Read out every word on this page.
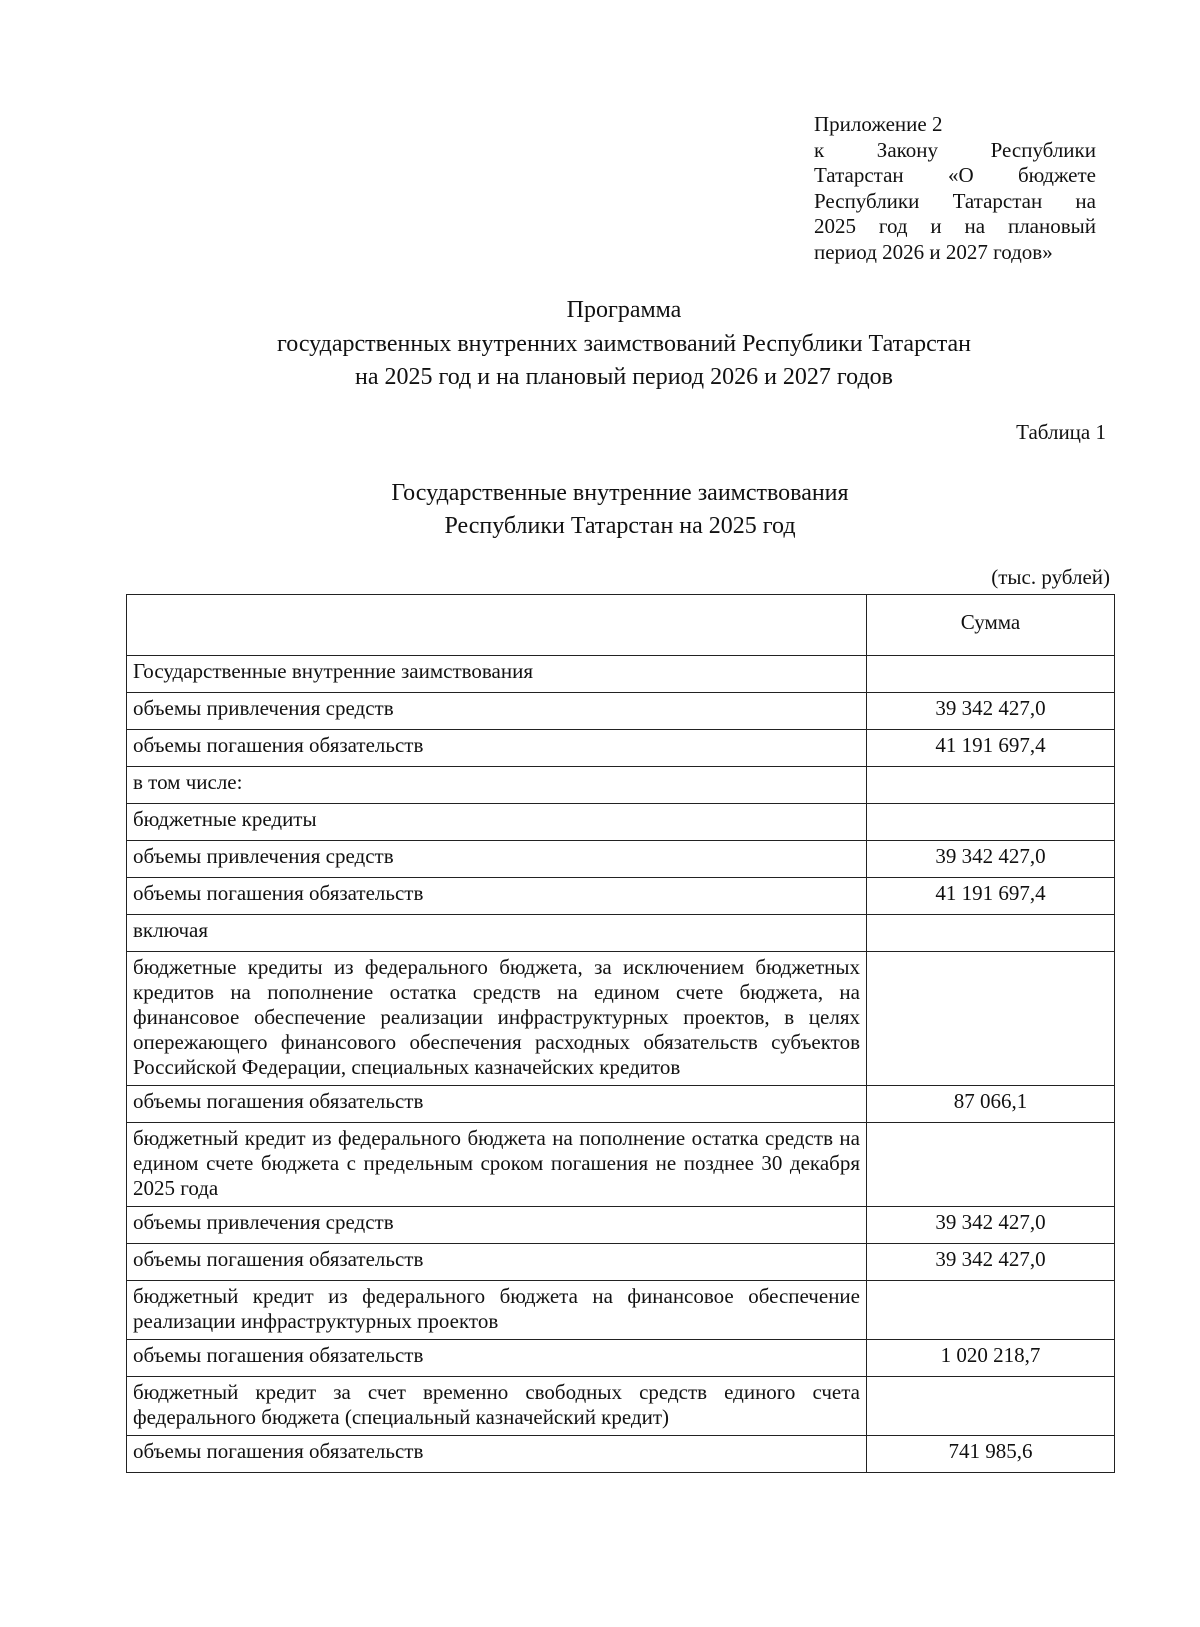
Приложение 2
к Закону Республики
Татарстан «О бюджете
Республики Татарстан на
2025 год и на плановый
период 2026 и 2027 годов»
Программа
государственных внутренних заимствований Республики Татарстан
на 2025 год и на плановый период 2026 и 2027 годов
Таблица 1
Государственные внутренние заимствования
Республики Татарстан на 2025 год
(тыс. рублей)
	Сумма
Государственные внутренние заимствования	
объемы привлечения средств	39 342 427,0
объемы погашения обязательств	41 191 697,4
в том числе:	
бюджетные кредиты	
объемы привлечения средств	39 342 427,0
объемы погашения обязательств	41 191 697,4
включая	
бюджетные кредиты из федерального бюджета, за исключением бюджетных кредитов на пополнение остатка средств на едином счете бюджета, на финансовое обеспечение реализации инфраструктурных проектов, в целях опережающего финансового обеспечения расходных обязательств субъектов Российской Федерации, специальных казначейских кредитов	
объемы погашения обязательств	87 066,1
бюджетный кредит из федерального бюджета на пополнение остатка средств на едином счете бюджета с предельным сроком погашения не позднее 30 декабря 2025 года	
объемы привлечения средств	39 342 427,0
объемы погашения обязательств	39 342 427,0
бюджетный кредит из федерального бюджета на финансовое обеспечение реализации инфраструктурных проектов	
объемы погашения обязательств	1 020 218,7
бюджетный кредит за счет временно свободных средств единого счета федерального бюджета (специальный казначейский кредит)	
объемы погашения обязательств	741 985,6
